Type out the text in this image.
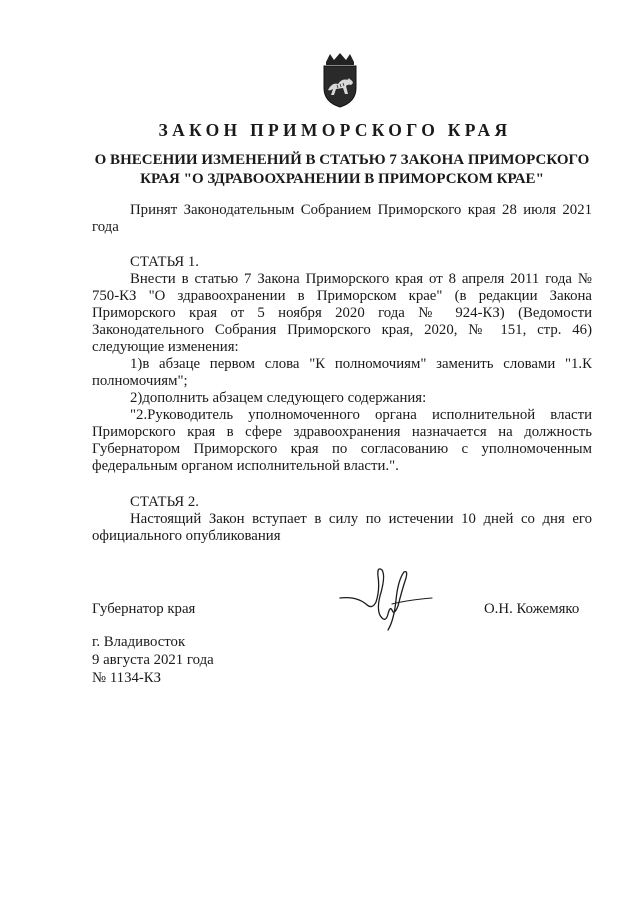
ЗАКОН ПРИМОРСКОГО КРАЯ
О ВНЕСЕНИИ ИЗМЕНЕНИЙ В СТАТЬЮ 7 ЗАКОНА ПРИМОРСКОГО
КРАЯ "О ЗДРАВООХРАНЕНИИ В ПРИМОРСКОМ КРАЕ"

Принят Законодательным Собранием Приморского края 28 июля 2021 года

СТАТЬЯ 1.

Внести в статью 7 Закона Приморского края от 8 апреля 2011 года № 750-КЗ "О здравоохранении в Приморском крае" (в редакции Закона Приморского края от 5 ноября 2020 года № 924-КЗ) (Ведомости Законодательного Собрания Приморского края, 2020, № 151, стр. 46) следующие изменения:

1)в абзаце первом слова "К полномочиям" заменить словами "1.К полномочиям";

2)дополнить абзацем следующего содержания:

"2.Руководитель уполномоченного органа исполнительной власти Приморского края в сфере здравоохранения назначается на должность Губернатором Приморского края по согласованию с уполномоченным федеральным органом исполнительной власти.".

СТАТЬЯ 2.

Настоящий Закон вступает в силу по истечении 10 дней со дня его официального опубликования

Губернатор края	О.Н. Кожемяко
г. Владивосток
9 августа 2021 года
№ 1134-КЗ
